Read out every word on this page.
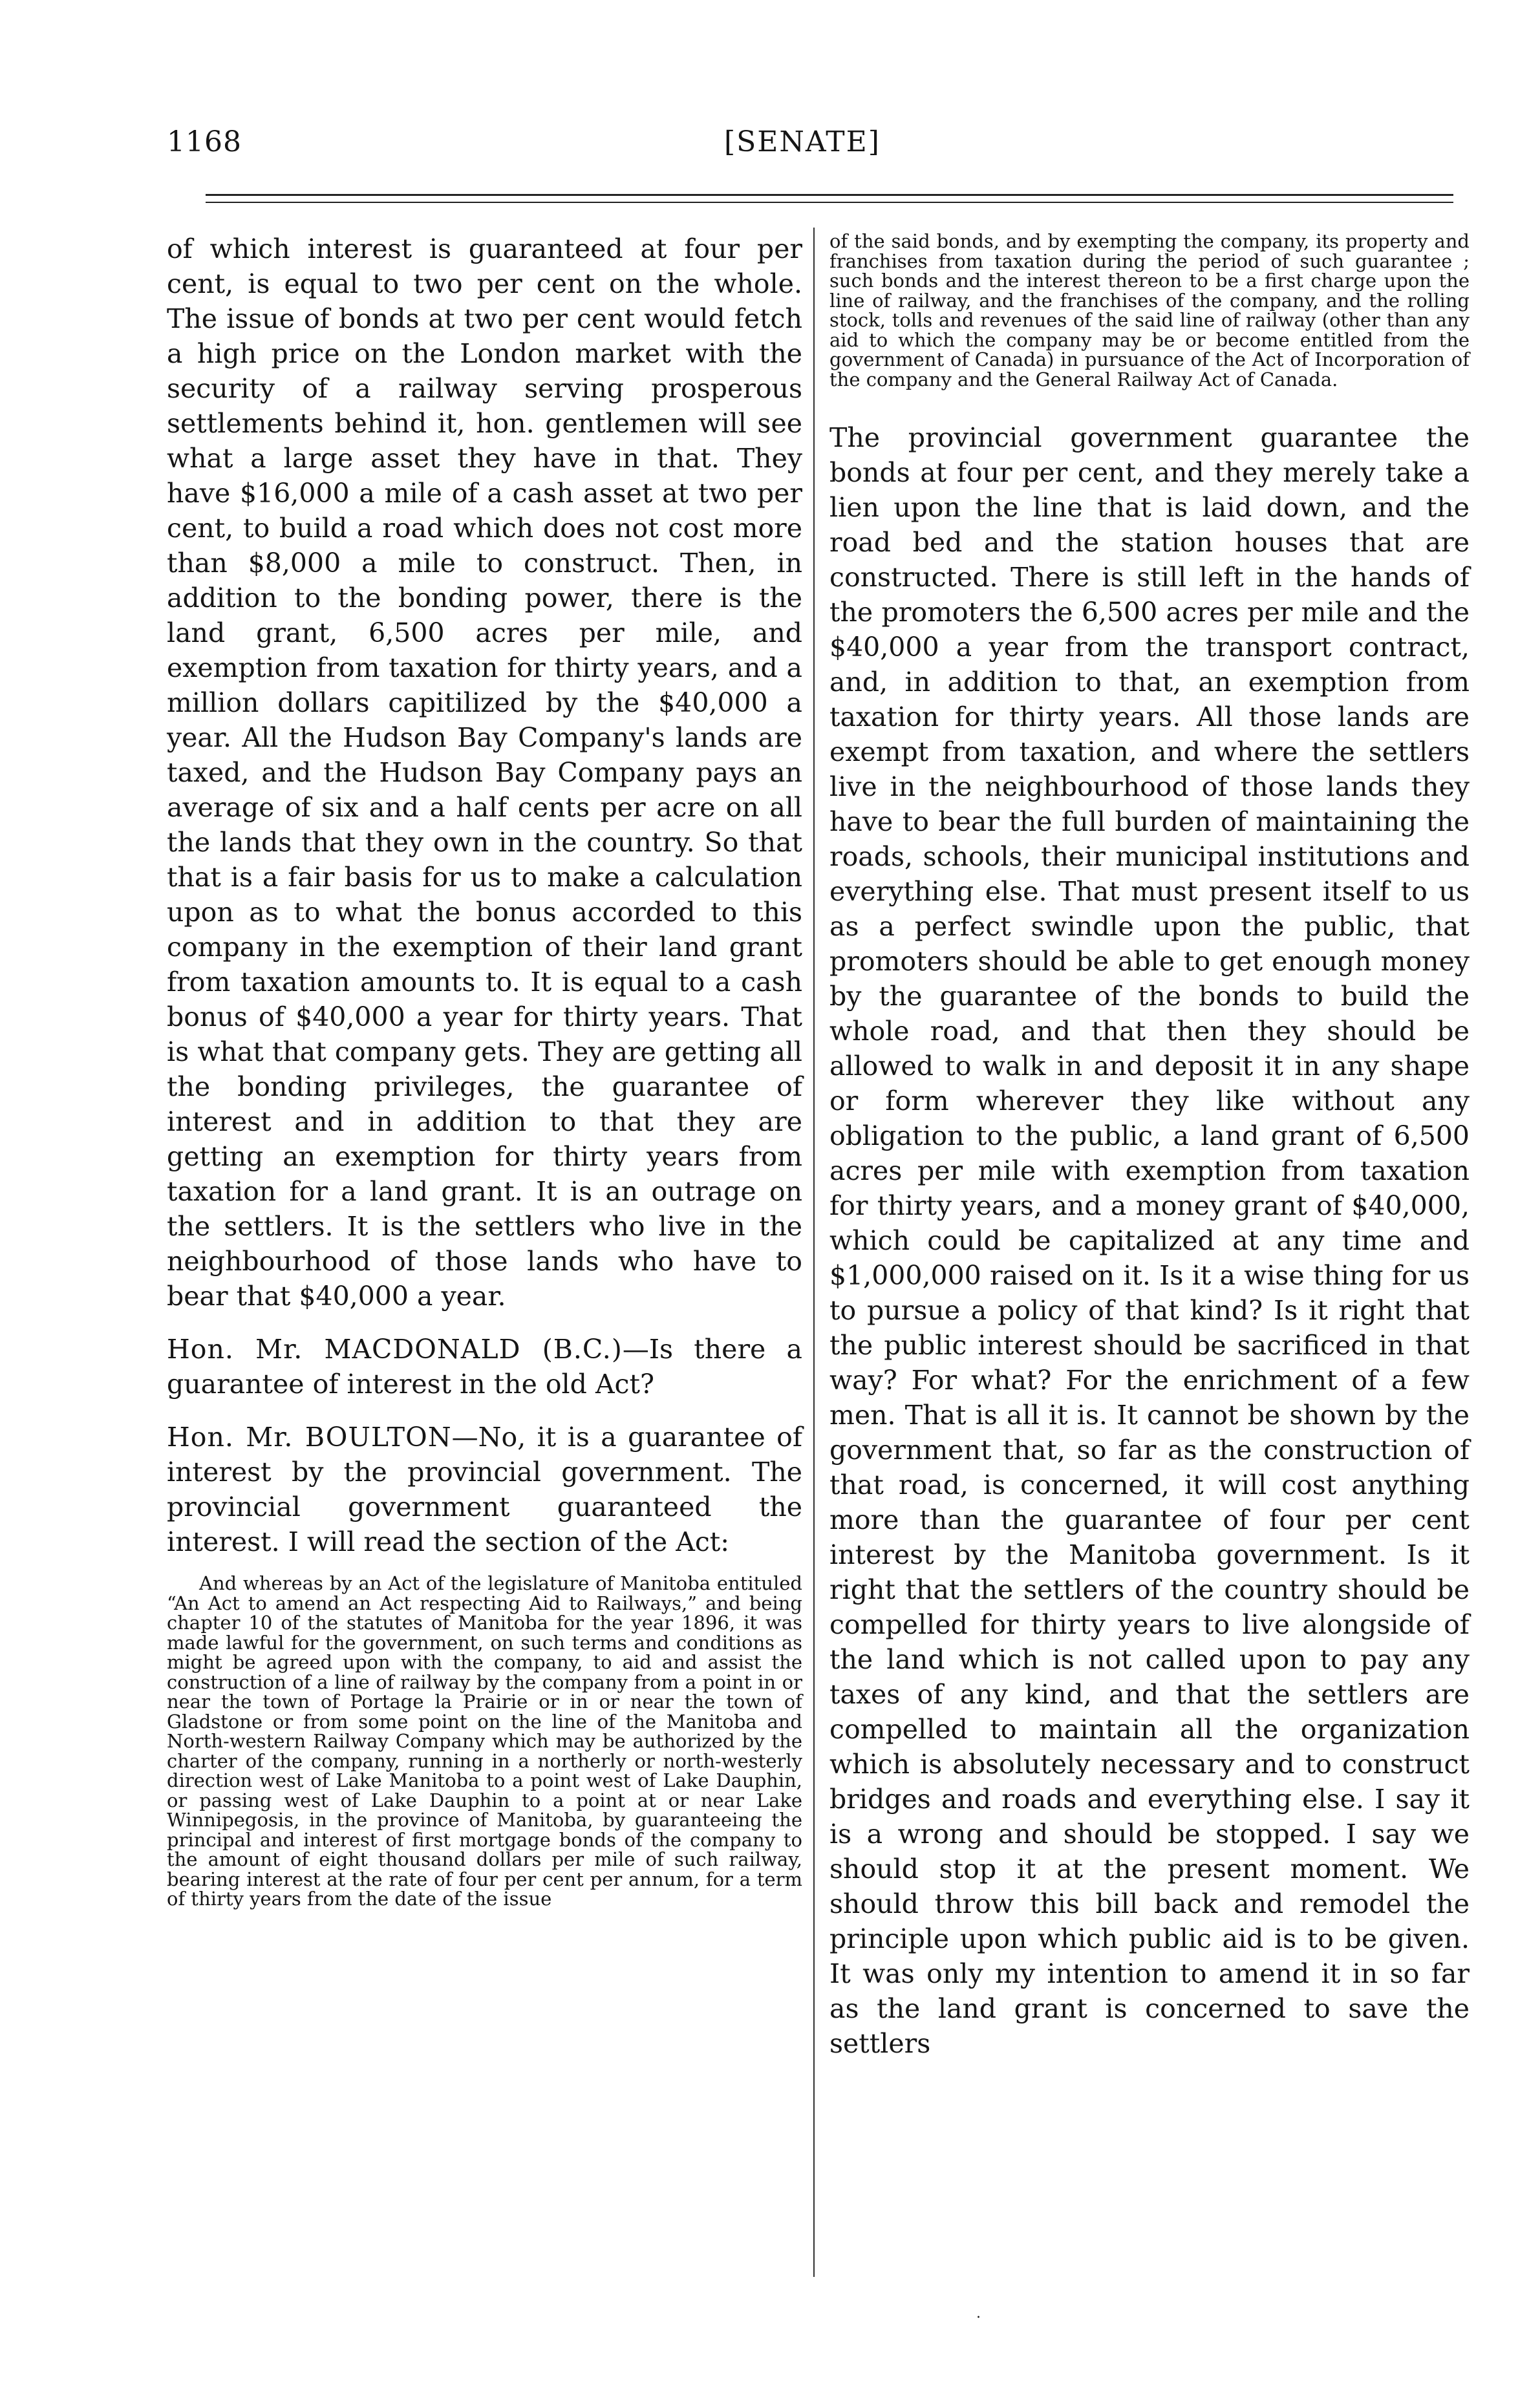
1168	[SENATE]

of which interest is guaranteed at four per cent, is equal to two per cent on the whole. The issue of bonds at two per cent would fetch a high price on the London market with the security of a railway serving prosperous settlements behind it, hon. gentlemen will see what a large asset they have in that. They have $16,000 a mile of a cash asset at two per cent, to build a road which does not cost more than $8,000 a mile to construct. Then, in addition to the bonding power, there is the land grant, 6,500 acres per mile, and exemption from taxation for thirty years, and a million dollars capitilized by the $40,000 a year. All the Hudson Bay Company's lands are taxed, and the Hudson Bay Company pays an average of six and a half cents per acre on all the lands that they own in the country. So that that is a fair basis for us to make a calculation upon as to what the bonus accorded to this company in the exemption of their land grant from taxation amounts to. It is equal to a cash bonus of $40,000 a year for thirty years. That is what that company gets. They are getting all the bonding privileges, the guarantee of interest and in addition to that they are getting an exemption for thirty years from taxation for a land grant. It is an outrage on the settlers. It is the settlers who live in the neighbourhood of those lands who have to bear that $40,000 a year.

Hon. Mr. MACDONALD (B.C.)—Is there a guarantee of interest in the old Act?

Hon. Mr. BOULTON—No, it is a guarantee of interest by the provincial government. The provincial government guaranteed the interest. I will read the section of the Act:

And whereas by an Act of the legislature of Manitoba entituled “An Act to amend an Act respecting Aid to Railways,” and being chapter 10 of the statutes of Manitoba for the year 1896, it was made lawful for the government, on such terms and conditions as might be agreed upon with the company, to aid and assist the construction of a line of railway by the company from a point in or near the town of Portage la Prairie or in or near the town of Gladstone or from some point on the line of the Manitoba and North-western Railway Company which may be authorized by the charter of the company, running in a northerly or north-westerly direction west of Lake Manitoba to a point west of Lake Dauphin, or passing west of Lake Dauphin to a point at or near Lake Winnipegosis, in the province of Manitoba, by guaranteeing the principal and interest of first mortgage bonds of the company to the amount of eight thousand dollars per mile of such railway, bearing interest at the rate of four per cent per annum, for a term of thirty years from the date of the issue

of the said bonds, and by exempting the company, its property and franchises from taxation during the period of such guarantee ; such bonds and the interest thereon to be a first charge upon the line of railway, and the franchises of the company, and the rolling stock, tolls and revenues of the said line of railway (other than any aid to which the company may be or become entitled from the government of Canada) in pursuance of the Act of Incorporation of the company and the General Railway Act of Canada.

The provincial government guarantee the bonds at four per cent, and they merely take a lien upon the line that is laid down, and the road bed and the station houses that are constructed. There is still left in the hands of the promoters the 6,500 acres per mile and the $40,000 a year from the transport contract, and, in addition to that, an exemption from taxation for thirty years. All those lands are exempt from taxation, and where the settlers live in the neighbourhood of those lands they have to bear the full burden of maintaining the roads, schools, their municipal institutions and everything else. That must present itself to us as a perfect swindle upon the public, that promoters should be able to get enough money by the guarantee of the bonds to build the whole road, and that then they should be allowed to walk in and deposit it in any shape or form wherever they like without any obligation to the public, a land grant of 6,500 acres per mile with exemption from taxation for thirty years, and a money grant of $40,000, which could be capitalized at any time and $1,000,000 raised on it. Is it a wise thing for us to pursue a policy of that kind? Is it right that the public interest should be sacrificed in that way? For what? For the enrichment of a few men. That is all it is. It cannot be shown by the government that, so far as the construction of that road, is concerned, it will cost anything more than the guarantee of four per cent interest by the Manitoba government. Is it right that the settlers of the country should be compelled for thirty years to live alongside of the land which is not called upon to pay any taxes of any kind, and that the settlers are compelled to maintain all the organization which is absolutely necessary and to construct bridges and roads and everything else. I say it is a wrong and should be stopped. I say we should stop it at the present moment. We should throw this bill back and remodel the principle upon which public aid is to be given. It was only my intention to amend it in so far as the land grant is concerned to save the settlers

.
